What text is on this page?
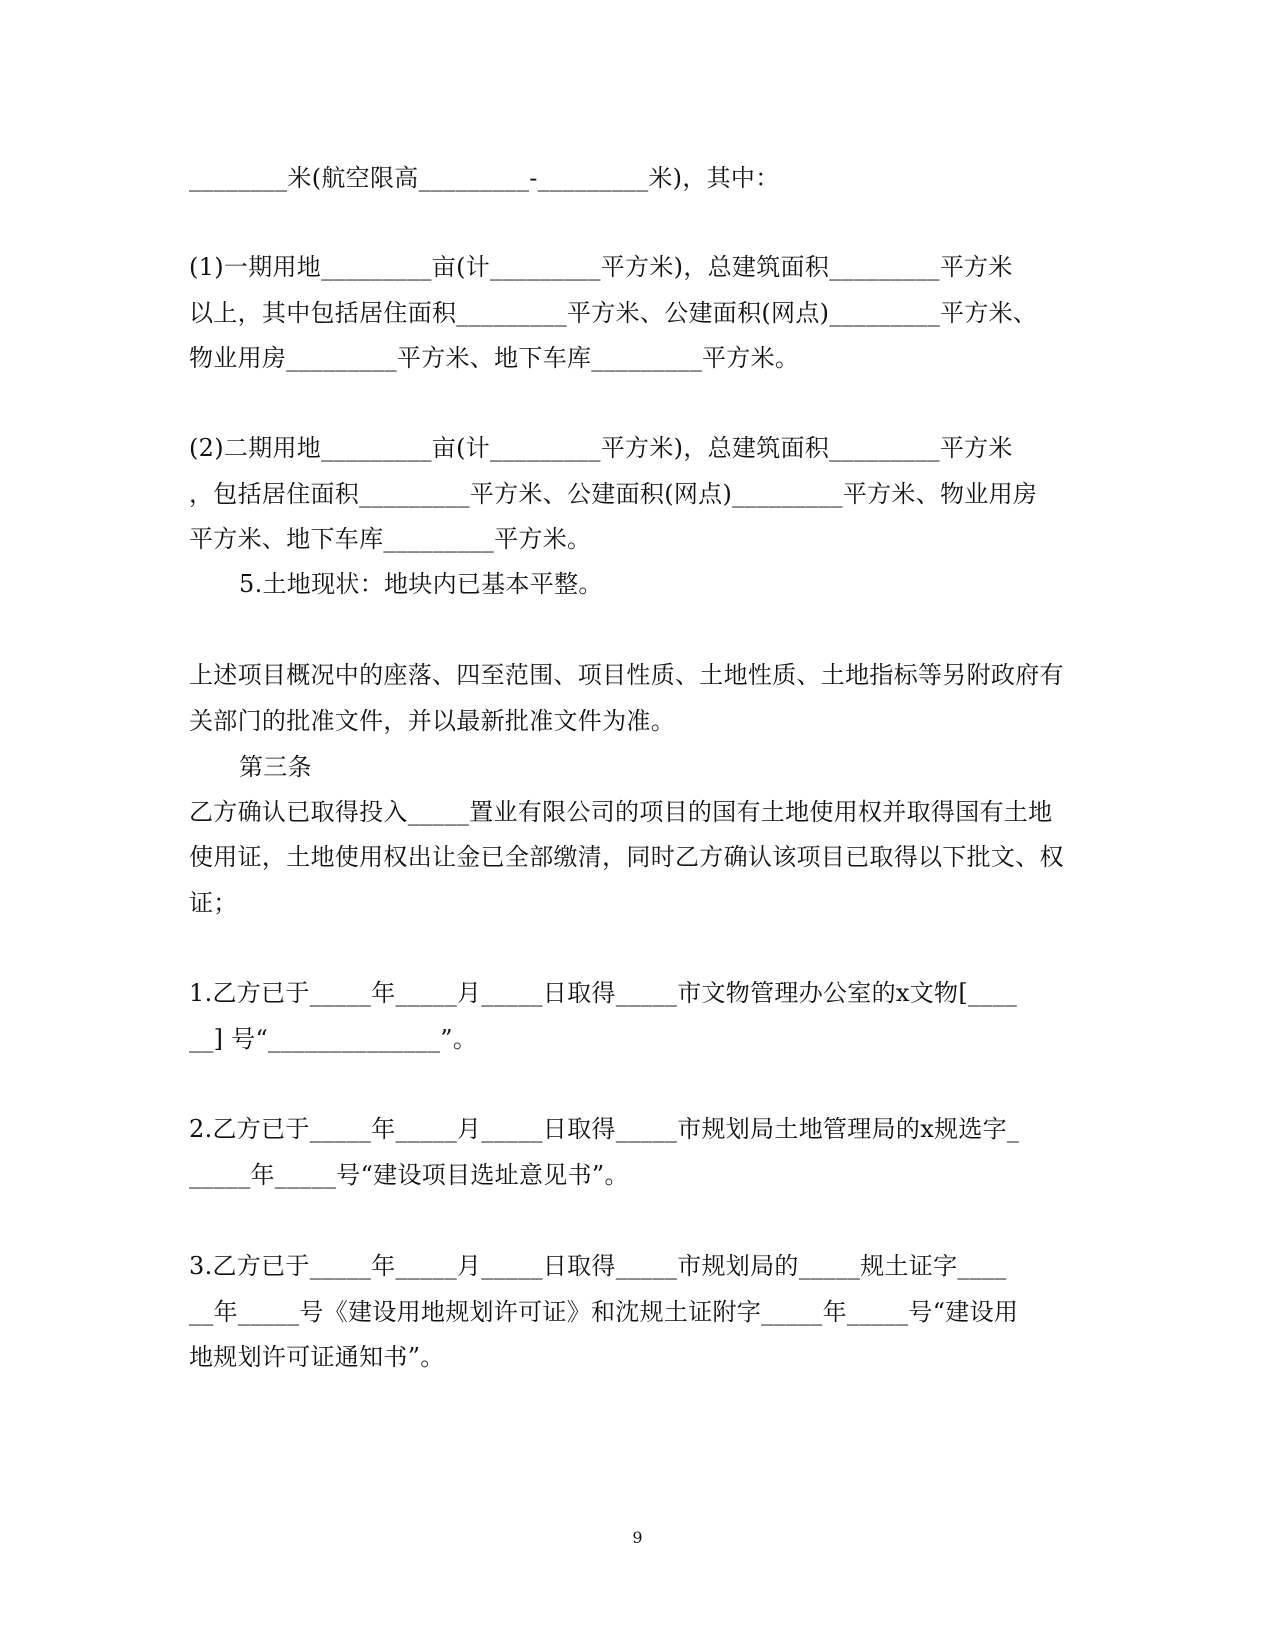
________米(航空限高_________-_________米)，其中：
(1)一期用地_________亩(计_________平方米)，总建筑面积_________平方米
以上，其中包括居住面积_________平方米、公建面积(网点)_________平方米、
物业用房_________平方米、地下车库_________平方米。
(2)二期用地_________亩(计_________平方米)，总建筑面积_________平方米
，包括居住面积_________平方米、公建面积(网点)_________平方米、物业用房
平方米、地下车库_________平方米。
5.土地现状：地块内已基本平整。
上述项目概况中的座落、四至范围、项目性质、土地性质、土地指标等另附政府有
关部门的批准文件，并以最新批准文件为准。
第三条
乙方确认已取得投入_____置业有限公司的项目的国有土地使用权并取得国有土地
使用证，土地使用权出让金已全部缴清，同时乙方确认该项目已取得以下批文、权
证；
1.乙方已于_____年_____月_____日取得_____市文物管理办公室的x文物[____
__] 号“______________”。
2.乙方已于_____年_____月_____日取得_____市规划局土地管理局的x规选字_
_____年_____号“建设项目选址意见书”。
3.乙方已于_____年_____月_____日取得_____市规划局的_____规土证字____
__年_____号《建设用地规划许可证》和沈规土证附字_____年_____号“建设用
地规划许可证通知书”。
9
